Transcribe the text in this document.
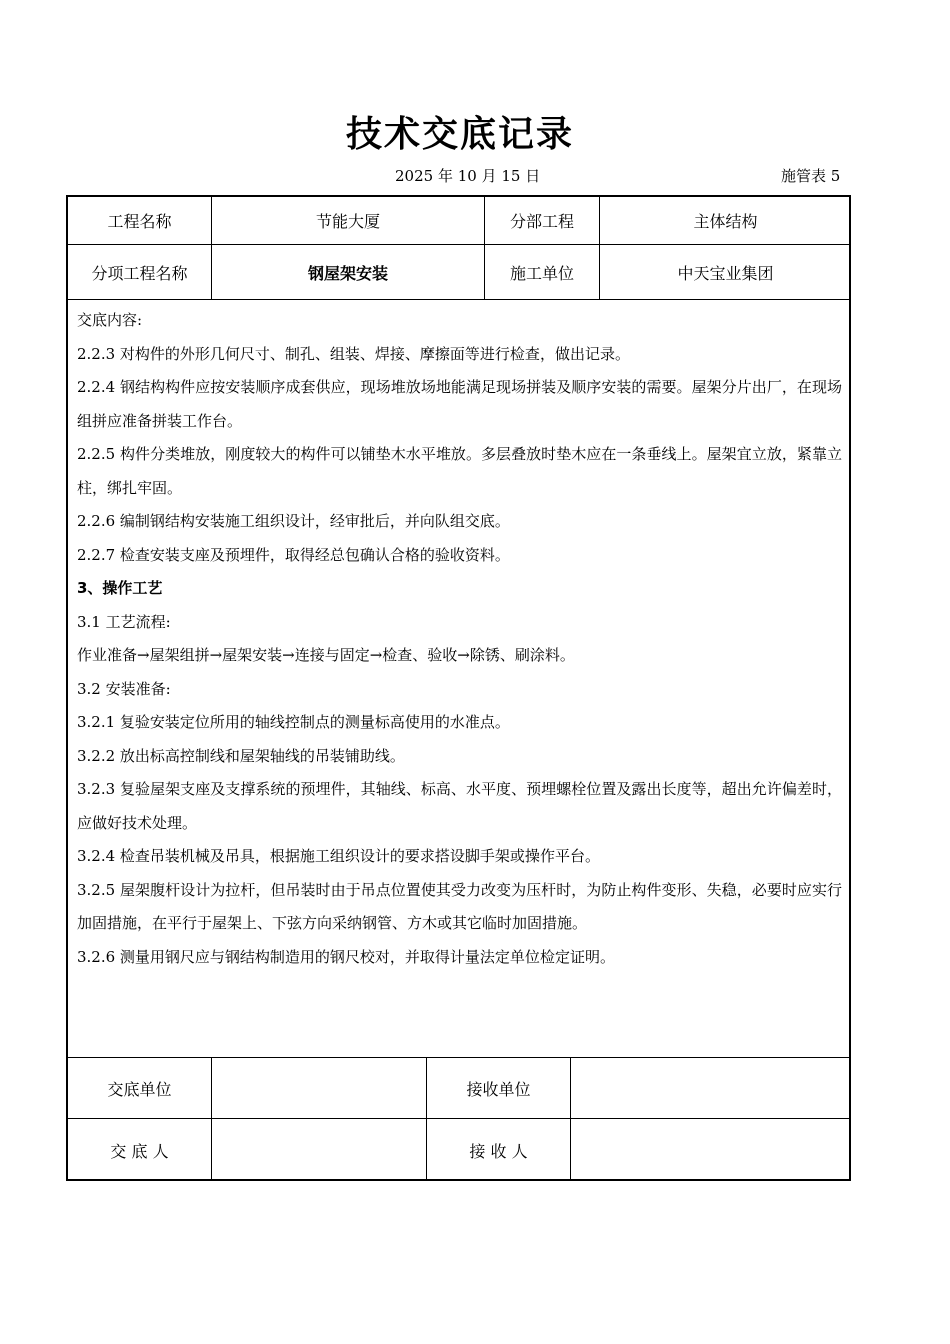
技术交底记录
2025 年 10 月 15 日	施管表 5
工程名称	节能大厦	分部工程	主体结构
分项工程名称	钢屋架安装	施工单位	中天宝业集团
交底内容:
2.2.3 对构件的外形几何尺寸、制孔、组装、焊接、摩擦面等进行检查，做出记录。
2.2.4 钢结构构件应按安装顺序成套供应，现场堆放场地能满足现场拼装及顺序安装的需要。屋架分片出厂，在现场组拼应准备拼装工作台。
2.2.5 构件分类堆放，刚度较大的构件可以铺垫木水平堆放。多层叠放时垫木应在一条垂线上。屋架宜立放，紧靠立柱，绑扎牢固。
2.2.6 编制钢结构安装施工组织设计，经审批后，并向队组交底。
2.2.7 检查安装支座及预埋件，取得经总包确认合格的验收资料。
3、操作工艺
3.1 工艺流程:
作业准备→屋架组拼→屋架安装→连接与固定→检查、验收→除锈、刷涂料。
3.2 安装准备:
3.2.1 复验安装定位所用的轴线控制点的测量标高使用的水准点。
3.2.2 放出标高控制线和屋架轴线的吊装铺助线。
3.2.3 复验屋架支座及支撑系统的预埋件，其轴线、标高、水平度、预埋螺栓位置及露出长度等，超出允许偏差时，应做好技术处理。
3.2.4 检查吊装机械及吊具，根据施工组织设计的要求搭设脚手架或操作平台。
3.2.5 屋架腹杆设计为拉杆，但吊装时由于吊点位置使其受力改变为压杆时，为防止构件变形、失稳，必要时应实行加固措施，在平行于屋架上、下弦方向采纳钢管、方木或其它临时加固措施。
3.2.6 测量用钢尺应与钢结构制造用的钢尺校对，并取得计量法定单位检定证明。
交底单位	接收单位
交 底 人	接 收 人
